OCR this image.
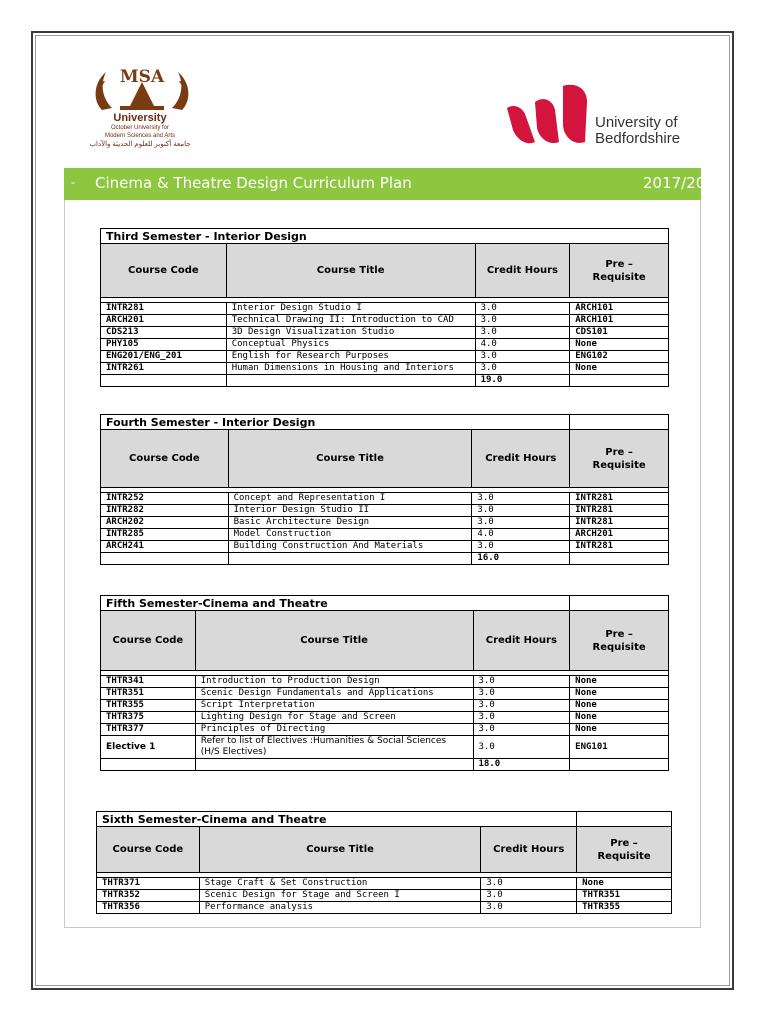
MSA
University
October University for
Modern Sciences and Arts
جامعة أكتوبر للعلوم الحديثة والآداب
University of
Bedfordshire
- Cinema & Theatre Design Curriculum Plan	2017/2018
Third Semester - Interior Design			
Course Code	Course Title	Credit Hours	Pre –
Requisite

INTR281	Interior Design Studio I	3.0	ARCH101
ARCH201	Technical Drawing II: Introduction to CAD	3.0	ARCH101
CDS213	3D Design Visualization Studio	3.0	CDS101
PHY105	Conceptual Physics	4.0	None
ENG201/ENG_201	English for Research Purposes	3.0	ENG102
INTR261	Human Dimensions in Housing and Interiors	3.0	None
		19.0	
Fourth Semester - Interior Design			
Course Code	Course Title	Credit Hours	Pre –
Requisite

INTR252	Concept and Representation I	3.0	INTR281
INTR282	Interior Design Studio II	3.0	INTR281
ARCH202	Basic Architecture Design	3.0	INTR281
INTR285	Model Construction	4.0	ARCH201
ARCH241	Building Construction And Materials	3.0	INTR281
		16.0	
Fifth Semester-Cinema and Theatre			
Course Code	Course Title	Credit Hours	Pre –
Requisite

THTR341	Introduction to Production Design	3.0	None
THTR351	Scenic Design Fundamentals and Applications	3.0	None
THTR355	Script Interpretation	3.0	None
THTR375	Lighting Design for Stage and Screen	3.0	None
THTR377	Principles of Directing	3.0	None
Elective 1	Refer to list of Electives :Humanities & Social Sciences (H/S Electives)	3.0	ENG101
		18.0	
Sixth Semester-Cinema and Theatre			
Course Code	Course Title	Credit Hours	Pre –
Requisite

THTR371	Stage Craft & Set Construction	3.0	None
THTR352	Scenic Design for Stage and Screen I	3.0	THTR351
THTR356	Performance analysis	3.0	THTR355
